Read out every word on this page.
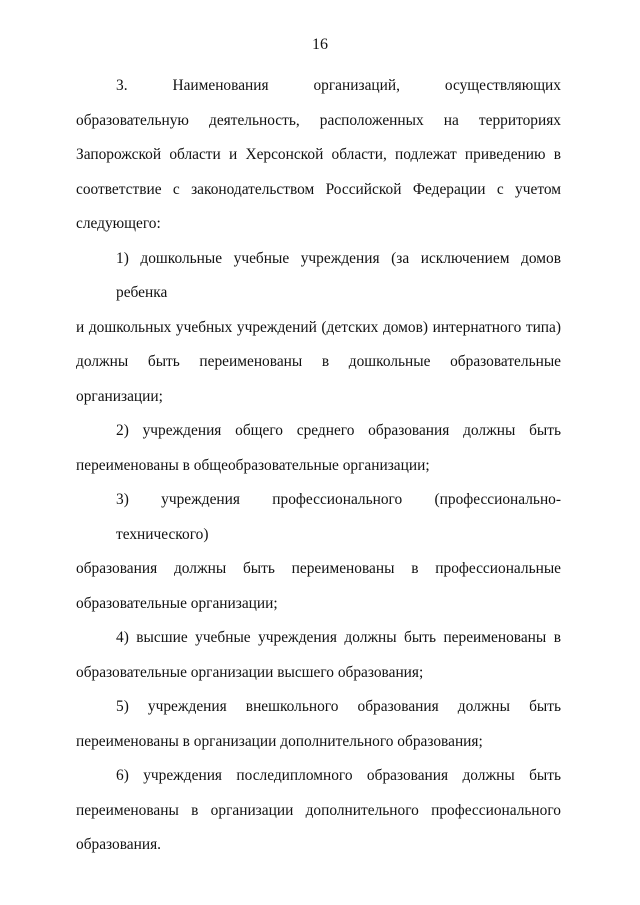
16
3. Наименования организаций, осуществляющих
образовательную деятельность, расположенных на территориях
Запорожской области и Херсонской области, подлежат приведению в
соответствие с законодательством Российской Федерации с учетом
следующего:
1) дошкольные учебные учреждения (за исключением домов ребенка
и дошкольных учебных учреждений (детских домов) интернатного типа)
должны быть переименованы в дошкольные образовательные
организации;
2) учреждения общего среднего образования должны быть
переименованы в общеобразовательные организации;
3) учреждения профессионального (профессионально-технического)
образования должны быть переименованы в профессиональные
образовательные организации;
4) высшие учебные учреждения должны быть переименованы в
образовательные организации высшего образования;
5) учреждения внешкольного образования должны быть
переименованы в организации дополнительного образования;
6) учреждения последипломного образования должны быть
переименованы в организации дополнительного профессионального
образования.
